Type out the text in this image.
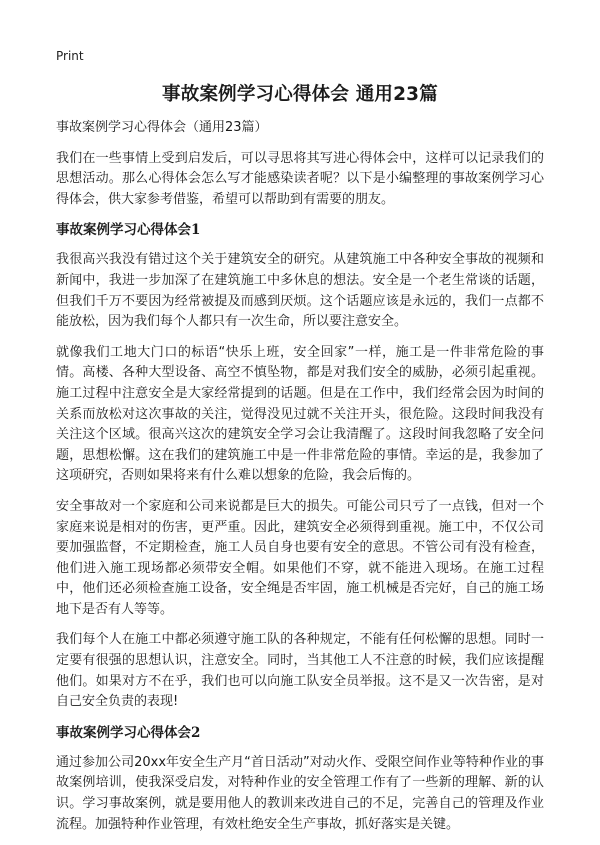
Print
事故案例学习心得体会 通用23篇

事故案例学习心得体会（通用23篇）

我们在一些事情上受到启发后，可以寻思将其写进心得体会中，这样可以记录我们的思想活动。那么心得体会怎么写才能感染读者呢？以下是小编整理的事故案例学习心得体会，供大家参考借鉴，希望可以帮助到有需要的朋友。

事故案例学习心得体会1

我很高兴我没有错过这个关于建筑安全的研究。从建筑施工中各种安全事故的视频和新闻中，我进一步加深了在建筑施工中多休息的想法。安全是一个老生常谈的话题，但我们千万不要因为经常被提及而感到厌烦。这个话题应该是永远的，我们一点都不能放松，因为我们每个人都只有一次生命，所以要注意安全。

就像我们工地大门口的标语“快乐上班，安全回家”一样，施工是一件非常危险的事情。高楼、各种大型设备、高空不慎坠物，都是对我们安全的威胁，必须引起重视。施工过程中注意安全是大家经常提到的话题。但是在工作中，我们经常会因为时间的关系而放松对这次事故的关注，觉得没见过就不关注开头，很危险。这段时间我没有关注这个区域。很高兴这次的建筑安全学习会让我清醒了。这段时间我忽略了安全问题，思想松懈。这在我们的建筑施工中是一件非常危险的事情。幸运的是，我参加了这项研究，否则如果将来有什么难以想象的危险，我会后悔的。

安全事故对一个家庭和公司来说都是巨大的损失。可能公司只亏了一点钱，但对一个家庭来说是相对的伤害，更严重。因此，建筑安全必须得到重视。施工中，不仅公司要加强监督，不定期检查，施工人员自身也要有安全的意思。不管公司有没有检查，他们进入施工现场都必须带安全帽。如果他们不穿，就不能进入现场。在施工过程中，他们还必须检查施工设备，安全绳是否牢固，施工机械是否完好，自己的施工场地下是否有人等等。

我们每个人在施工中都必须遵守施工队的各种规定，不能有任何松懈的思想。同时一定要有很强的思想认识，注意安全。同时，当其他工人不注意的时候，我们应该提醒他们。如果对方不在乎，我们也可以向施工队安全员举报。这不是又一次告密，是对自己安全负责的表现!

事故案例学习心得体会2

通过参加公司20xx年安全生产月“首日活动”对动火作、受限空间作业等特种作业的事故案例培训，使我深受启发，对特种作业的安全管理工作有了一些新的理解、新的认识。学习事故案例，就是要用他人的教训来改进自己的不足，完善自己的管理及作业流程。加强特种作业管理，有效杜绝安全生产事故，抓好落实是关键。
